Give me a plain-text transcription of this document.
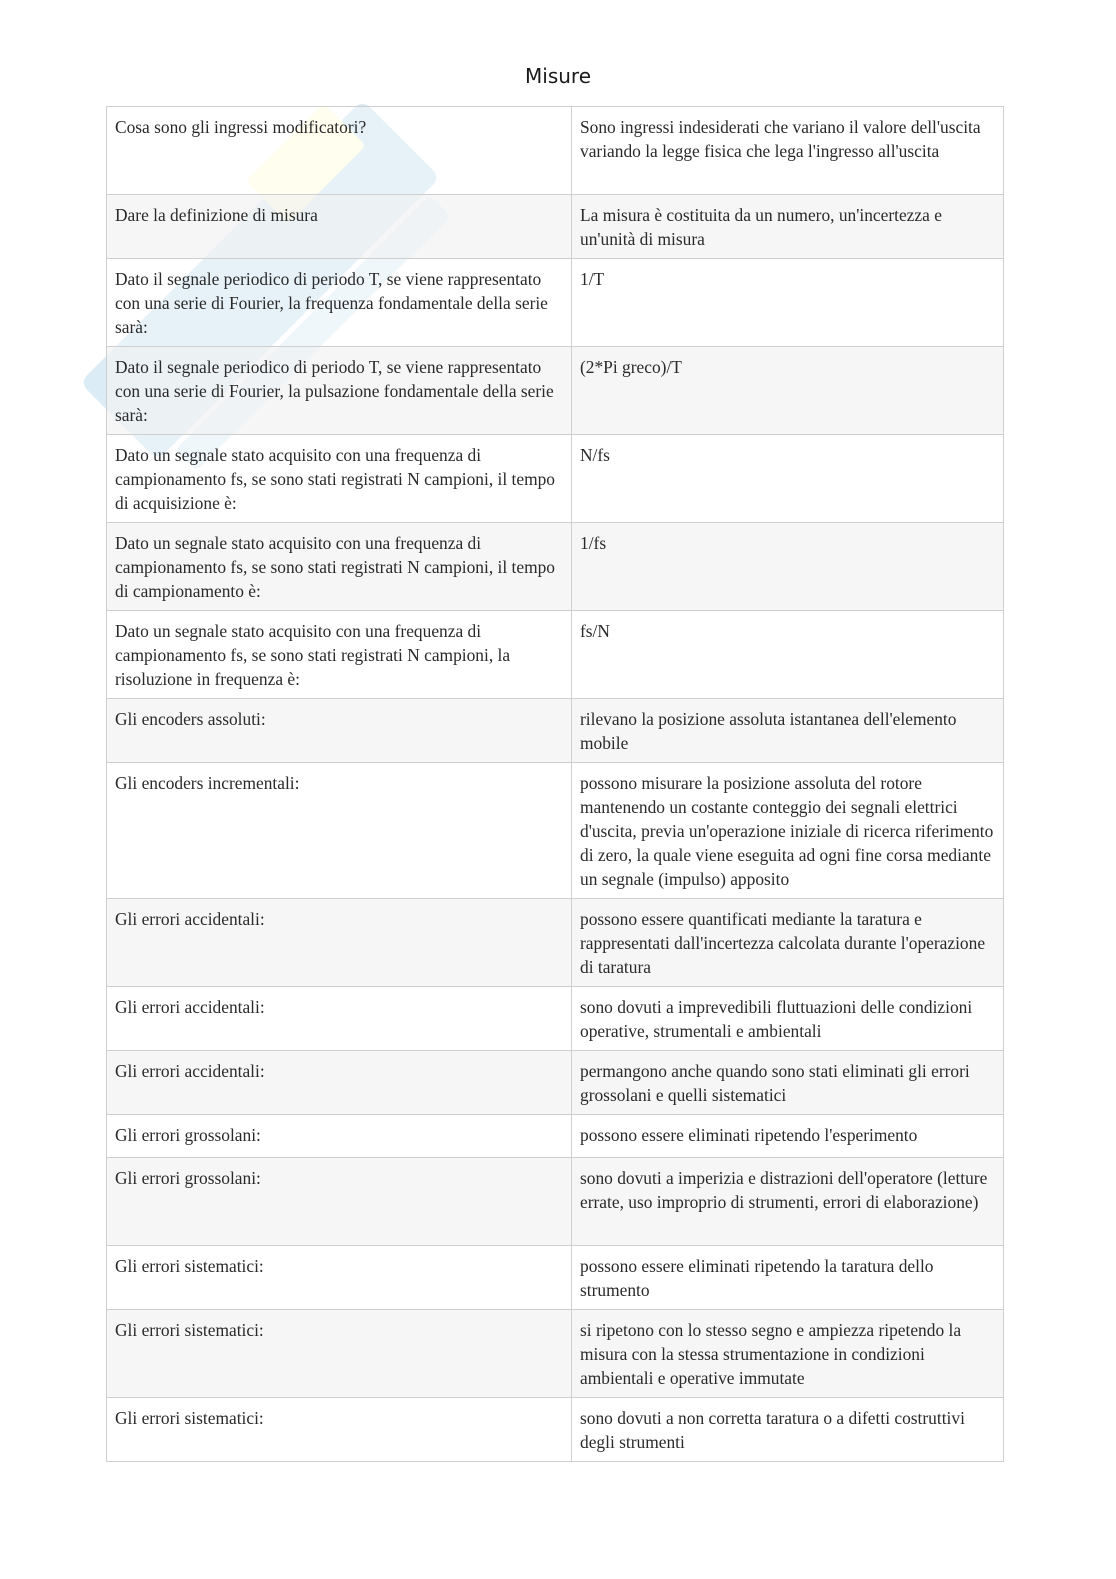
Misure
Cosa sono gli ingressi modificatori?	Sono ingressi indesiderati che variano il valore dell'uscita variando la legge fisica che lega l'ingresso all'uscita
Dare la definizione di misura	La misura è costituita da un numero, un'incertezza e un'unità di misura
Dato il segnale periodico di periodo T, se viene rappresentato con una serie di Fourier, la frequenza fondamentale della serie sarà:	1/T
Dato il segnale periodico di periodo T, se viene rappresentato con una serie di Fourier, la pulsazione fondamentale della serie sarà:	(2*Pi greco)/T
Dato un segnale stato acquisito con una frequenza di campionamento fs, se sono stati registrati N campioni, il tempo di acquisizione è:	N/fs
Dato un segnale stato acquisito con una frequenza di campionamento fs, se sono stati registrati N campioni, il tempo di campionamento è:	1/fs
Dato un segnale stato acquisito con una frequenza di campionamento fs, se sono stati registrati N campioni, la risoluzione in frequenza è:	fs/N
Gli encoders assoluti:	rilevano la posizione assoluta istantanea dell'elemento mobile
Gli encoders incrementali:	possono misurare la posizione assoluta del rotore mantenendo un costante conteggio dei segnali elettrici d'uscita, previa un'operazione iniziale di ricerca riferimento di zero, la quale viene eseguita ad ogni fine corsa mediante un segnale (impulso) apposito
Gli errori accidentali:	possono essere quantificati mediante la taratura e rappresentati dall'incertezza calcolata durante l'operazione di taratura
Gli errori accidentali:	sono dovuti a imprevedibili fluttuazioni delle condizioni operative, strumentali e ambientali
Gli errori accidentali:	permangono anche quando sono stati eliminati gli errori grossolani e quelli sistematici
Gli errori grossolani:	possono essere eliminati ripetendo l'esperimento
Gli errori grossolani:	sono dovuti a imperizia e distrazioni dell'operatore (letture errate, uso improprio di strumenti, errori di elaborazione)
Gli errori sistematici:	possono essere eliminati ripetendo la taratura dello strumento
Gli errori sistematici:	si ripetono con lo stesso segno e ampiezza ripetendo la misura con la stessa strumentazione in condizioni ambientali e operative immutate
Gli errori sistematici:	sono dovuti a non corretta taratura o a difetti costruttivi degli strumenti
